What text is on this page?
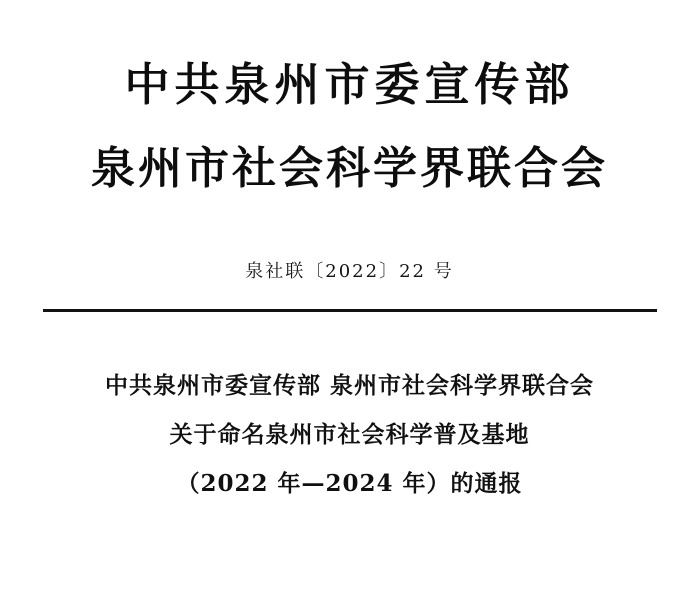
中共泉州市委宣传部
泉州市社会科学界联合会
泉社联〔2022〕22 号
中共泉州市委宣传部 泉州市社会科学界联合会
关于命名泉州市社会科学普及基地
（2022 年—2024 年）的通报
